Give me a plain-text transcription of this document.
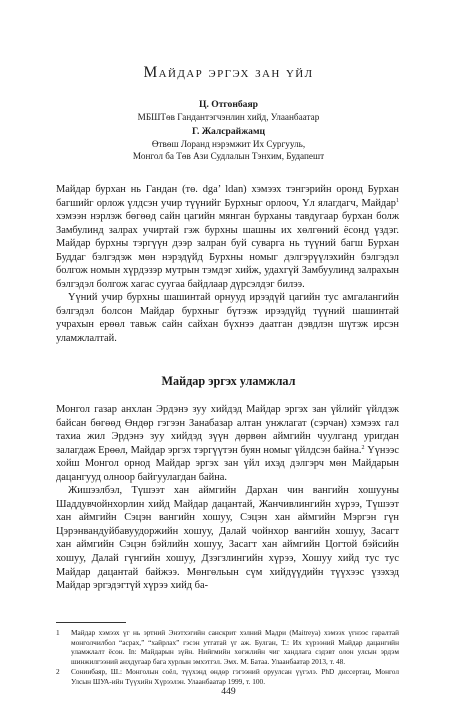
Майдар эргэх зан үйл
Ц. Отгонбаяр
МБШТөв Гандантэгчэнлин хийд, Улаанбаатар
Г. Жалсрайжамц
Өтвөш Лоранд нэрэмжит Их Сургууль,
Монгол ба Төв Ази Судлалын Тэнхим, Будапешт

Майдар бурхан нь Гандан (тө. dga’ ldan) хэмээх тэнгэрийн оронд Бурхан багшийг орлож үлдсэн учир түүнийг Бурхныг орлооч, Үл ялагдагч, Майдар$^1$ хэмээн нэрлэж бөгөөд сайн цагийн мянган бурханы тавдугаар бурхан болж Замбулинд залрах учиртай гэж бурхны шашны их хөлгөний ёсонд үздэг. Майдар бурхны тэргүүн дээр залран буй суварга нь түүний багш Бурхан Буддаг бэлгэдэж мөн нэрэдүйд Бурхны номыг дэлгэрүүлэхийн бэлгэдэл болгож номын хүрдэзэр мутрын тэмдэг хийж, удахгүй Замбуулинд залрахын бэлгэдэл болгож хагас суугаа байдлаар дүрсэлдэг билээ.

Үүний учир бурхны шашинтай орнууд ирээдүй цагийн тус амгалангийн бэлгэдэл болсон Майдар бурхныг бүтээж ирээдүйд түүний шашинтай учрахын ерөөл тавьж сайн сайхан бүхнээ даатган дэвдлэн шүтэж ирсэн уламжлалтай.

Майдар эргэх уламжлал

Монгол газар анхлан Эрдэнэ зуу хийдэд Майдар эргэх зан үйлийг үйлдэж байсан бөгөөд Өндөр гэгээн Занабазар алтан унжлагат (сэрчан) хэмээх гал тахиа жил Эрдэнэ зуу хийдэд зүүн дөрвөн аймгийн чуулганд уригдан залагдаж Ерөөл, Майдар эргэх тэргүүтэн буян номыг үйлдсэн байна.$^2$ Үүнээс хойш Монгол орнод Майдар эргэх зан үйл ихэд дэлгэрч мөн Майдарын дацангууд олноор байгуулагдан байна.

Жишээлбэл, Түшээт хан аймгийн Дархан чин вангийн хошууны Шаддувчойнхорлин хийд Майдар дацантай, Жанчивлингийн хүрээ, Түшээт хан аймгийн Сэцэн вангийн хошуу, Сэцэн хан аймгийн Мэргэн гүн Цэрэнвандуйбавуудоржийн хошуу, Далай чойнхор вангийн хошуу, Засагт хан аймгийн Сэцэн бэйлийн хошуу, Засагт хан аймгийн Цогтой бэйсийн хошуу, Далай гүнгийн хошуу, Дзэгзлингийн хүрээ, Хошуу хийд тус тус Майдар дацантай байжээ. Мөнгөльын сүм хийдүүдийн түүхээс үзэхэд Майдар эргэдэгтүй хүрээ хийд ба-

1 Майдар хэмээх үг нь эртний Энэтхэгийн санскрит хэлний Мадри (Maitreya) хэмээх үгнээс гаралтай монголчилбол “асрах,” “хайрлах” гэсэн утгатай үг аж. Булган, Т.: Их хүрээний Майдар дацангийн уламжлалт ёсон. In: Майдарын зүйн. Нийгмийн хөгжлийн чиг хандлага сэдэвт олон улсын эрдэм шинжилгээний анхдугаар бага хурлын эмхэтгэл. Эмх. М. Батаа. Улаанбаатар 2013, т. 48.
2 Сониибаяр, Ш.: Монголын соёл, түүхэнд өндөр гэгээний оруулсан үүгэлэ. PhD диссертац, Монгол Улсын ШУА-ийн Түүхийн Хүрээлэн. Улаанбаатар 1999, т. 100.
449
